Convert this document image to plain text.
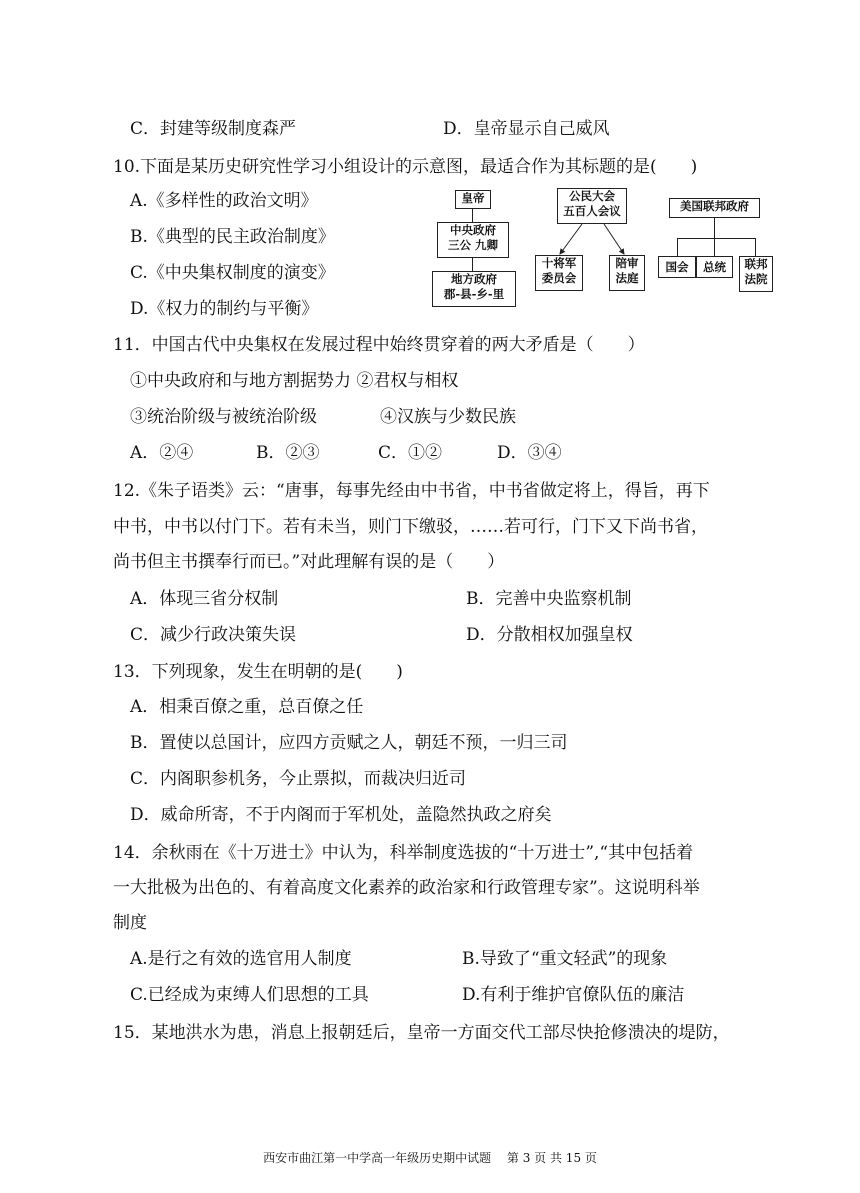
C．封建等级制度森严	D．皇帝显示自己威风
10.下面是某历史研究性学习小组设计的示意图，最适合作为其标题的是(　　)
A.《多样性的政治文明》
B.《典型的民主政治制度》
C.《中央集权制度的演变》
D.《权力的制约与平衡》
皇帝
中央政府
三公 九卿
地方政府
郡-县-乡-里
公民大会
五百人会议
十将军
委员会
陪审
法庭
美国联邦政府
国会	总统	联邦
法院
11．中国古代中央集权在发展过程中始终贯穿着的两大矛盾是（　　）
①中央政府和与地方割据势力 ②君权与相权
③统治阶级与被统治阶级	④汉族与少数民族
A．②④	B．②③	C．①②	D．③④
12.《朱子语类》云：“唐事，每事先经由中书省，中书省做定将上，得旨，再下
中书，中书以付门下。若有未当，则门下缴驳，……若可行，门下又下尚书省，
尚书但主书撰奉行而已。”对此理解有误的是（　　）
A．体现三省分权制	B．完善中央监察机制
C．减少行政决策失误	D．分散相权加强皇权
13．下列现象，发生在明朝的是(　　)
A．相秉百僚之重，总百僚之任
B．置使以总国计，应四方贡赋之人，朝廷不预，一归三司
C．内阁职参机务，今止票拟，而裁决归近司
D．威命所寄，不于内阁而于军机处，盖隐然执政之府矣
14．余秋雨在《十万进士》中认为，科举制度选拔的“十万进士”,“其中包括着
一大批极为出色的、有着高度文化素养的政治家和行政管理专家”。这说明科举
制度
A.是行之有效的选官用人制度	B.导致了“重文轻武”的现象
C.已经成为束缚人们思想的工具	D.有利于维护官僚队伍的廉洁
15．某地洪水为患，消息上报朝廷后，皇帝一方面交代工部尽快抢修溃决的堤防，
西安市曲江第一中学高一年级历史期中试题　 第 3 页 共 15 页
